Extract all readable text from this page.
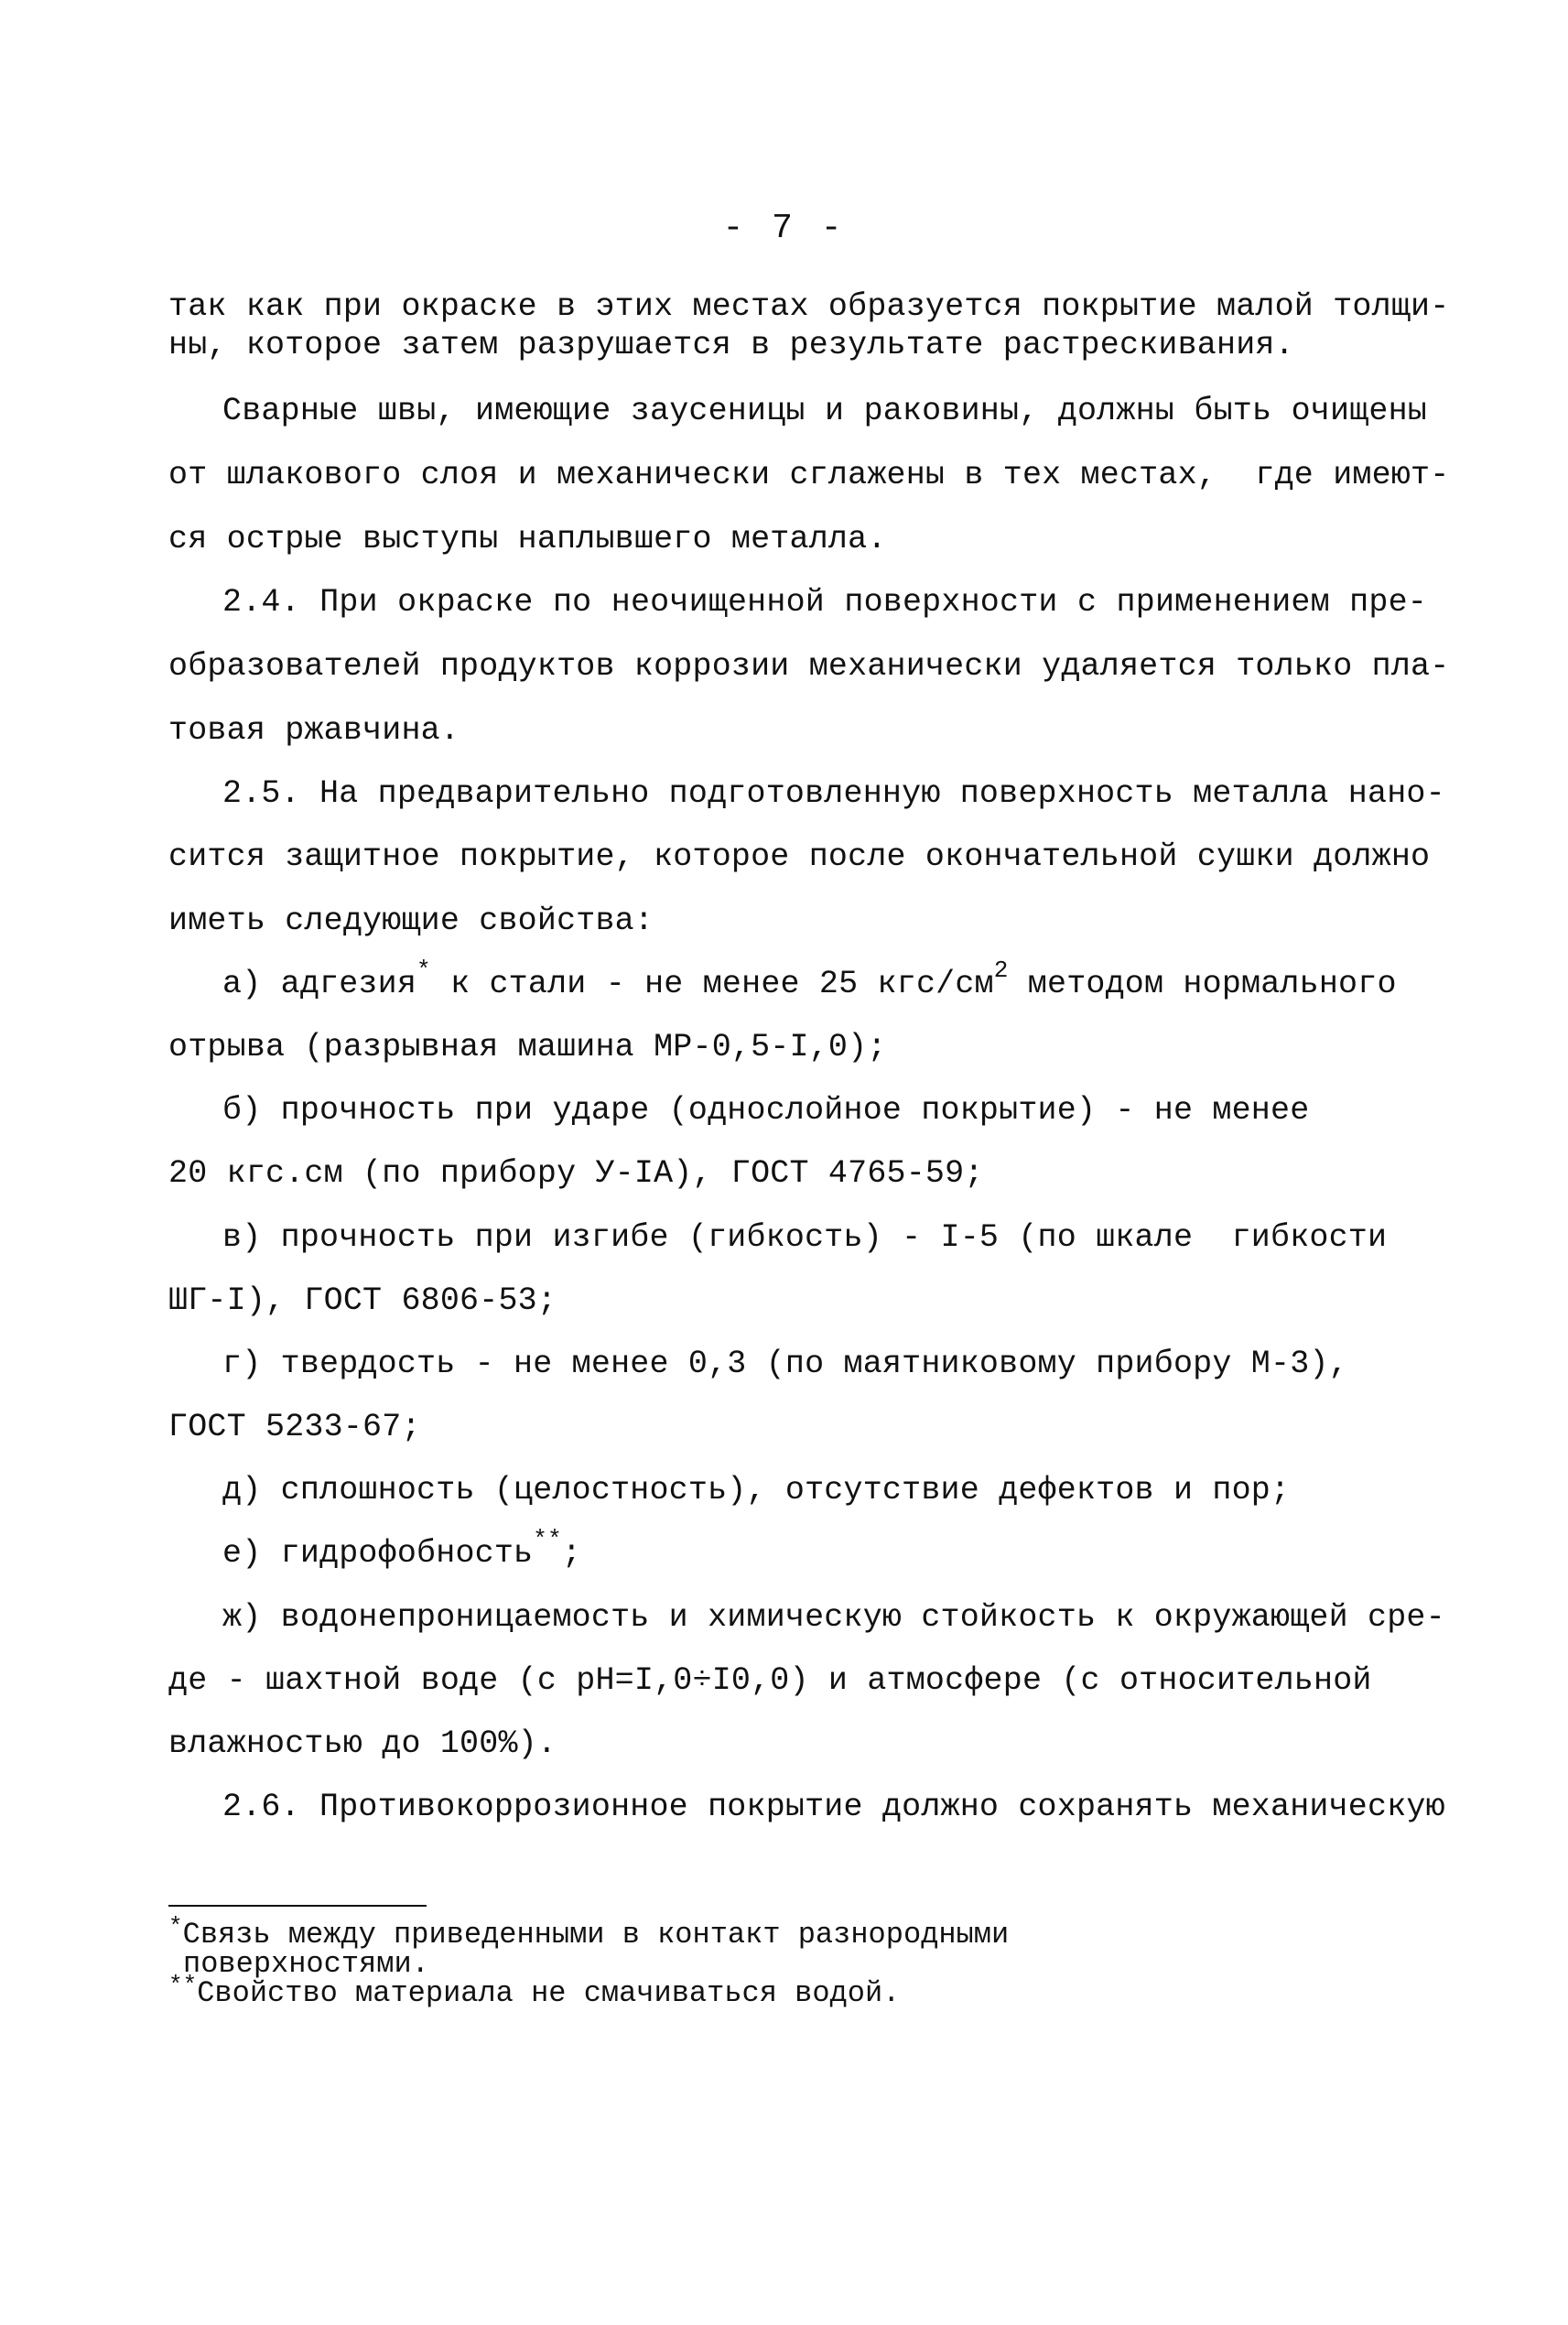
- 7 -
так как при окраске в этих местах образуется покрытие малой толщи-
ны, которое затем разрушается в результате растрескивания.
Сварные швы, имеющие заусеницы и раковины, должны быть очищены
от шлакового слоя и механически сглажены в тех местах,  где имеют-
ся острые выступы наплывшего металла.
2.4. При окраске по неочищенной поверхности с применением пре-
образователей продуктов коррозии механически удаляется только пла-
товая ржавчина.
2.5. На предварительно подготовленную поверхность металла нано-
сится защитное покрытие, которое после окончательной сушки должно
иметь следующие свойства:
а) адгезия* к стали - не менее 25 кгс/$см^2$ методом нормального
отрыва (разрывная машина МР-0,5-I,0);
б) прочность при ударе (однослойное покрытие) - не менее
20 кгс.см (по прибору У-IA), ГОСТ 4765-59;
в) прочность при изгибе (гибкость) - I-5 (по шкале  гибкости
ШГ-I), ГОСТ 6806-53;
г) твердость - не менее 0,3 (по маятниковому прибору М-3),
ГОСТ 5233-67;
д) сплошность (целостность), отсутствие дефектов и пор;
е) гидрофобность**;
ж) водонепроницаемость и химическую стойкость к окружающей сре-
де - шахтной воде (с pH=I,0÷I0,0) и атмосфере (с относительной
влажностью до 100%).
2.6. Противокоррозионное покрытие должно сохранять механическую
*Связь между приведенными в контакт разнородными
поверхностями.
**Свойство материала не смачиваться водой.
